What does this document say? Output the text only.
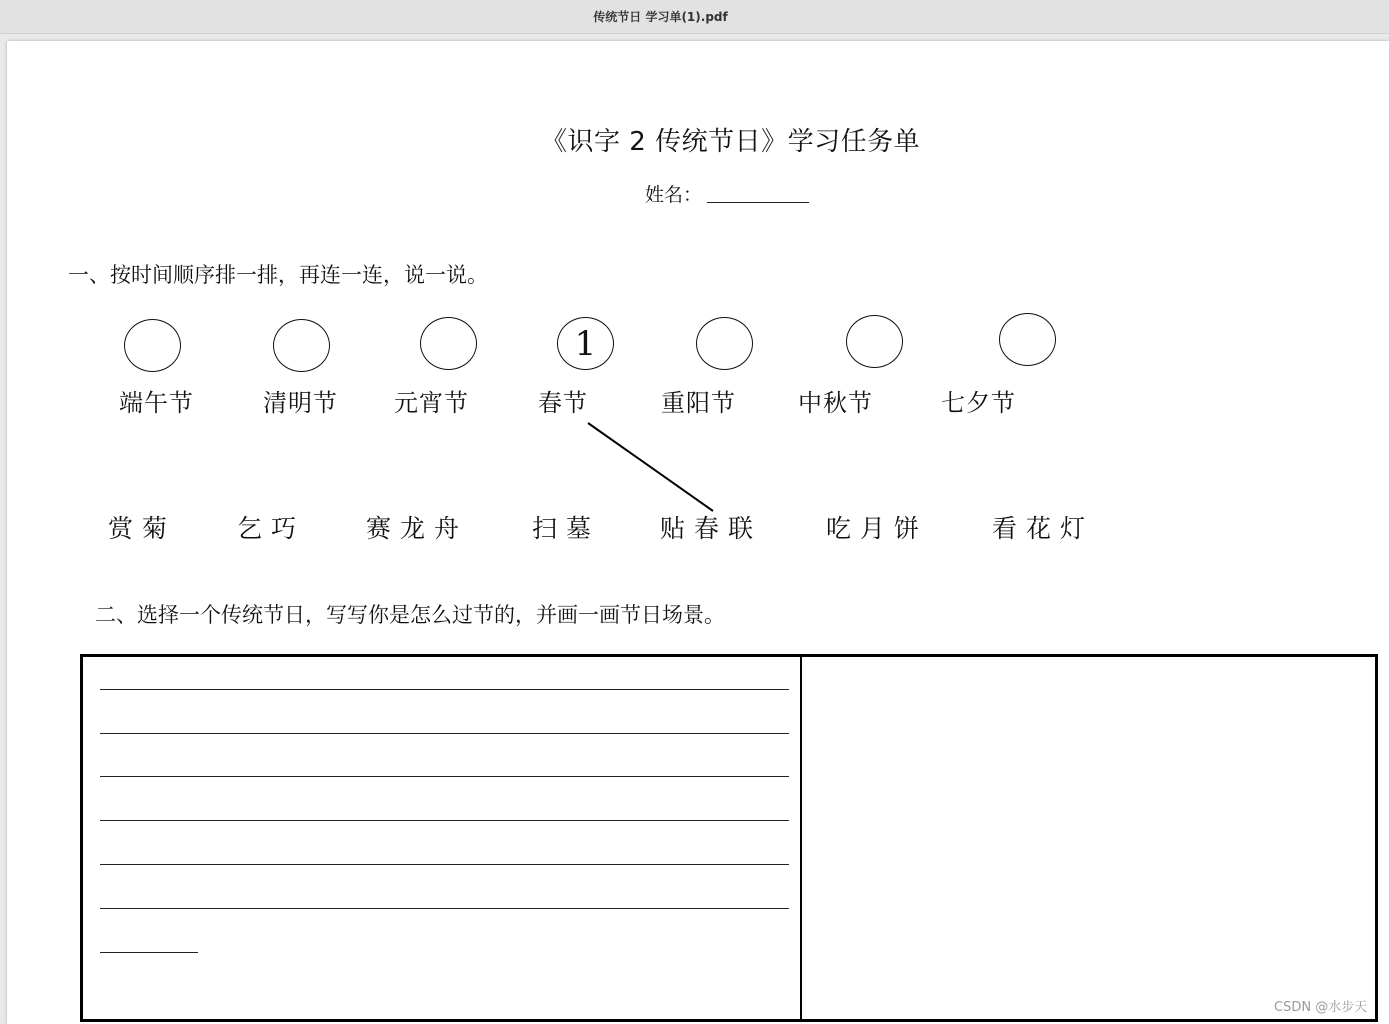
传统节日 学习单(1).pdf
《识字 2 传统节日》学习任务单
姓名：
一、按时间顺序排一排，再连一连，说一说。
1
端午节	清明节 元宵节	春节	重阳节	中秋节	七夕节
赏菊 乞巧 赛龙舟	扫墓 贴春联	吃月饼	看花灯
二、选择一个传统节日，写写你是怎么过节的，并画一画节日场景。
CSDN @水步天
